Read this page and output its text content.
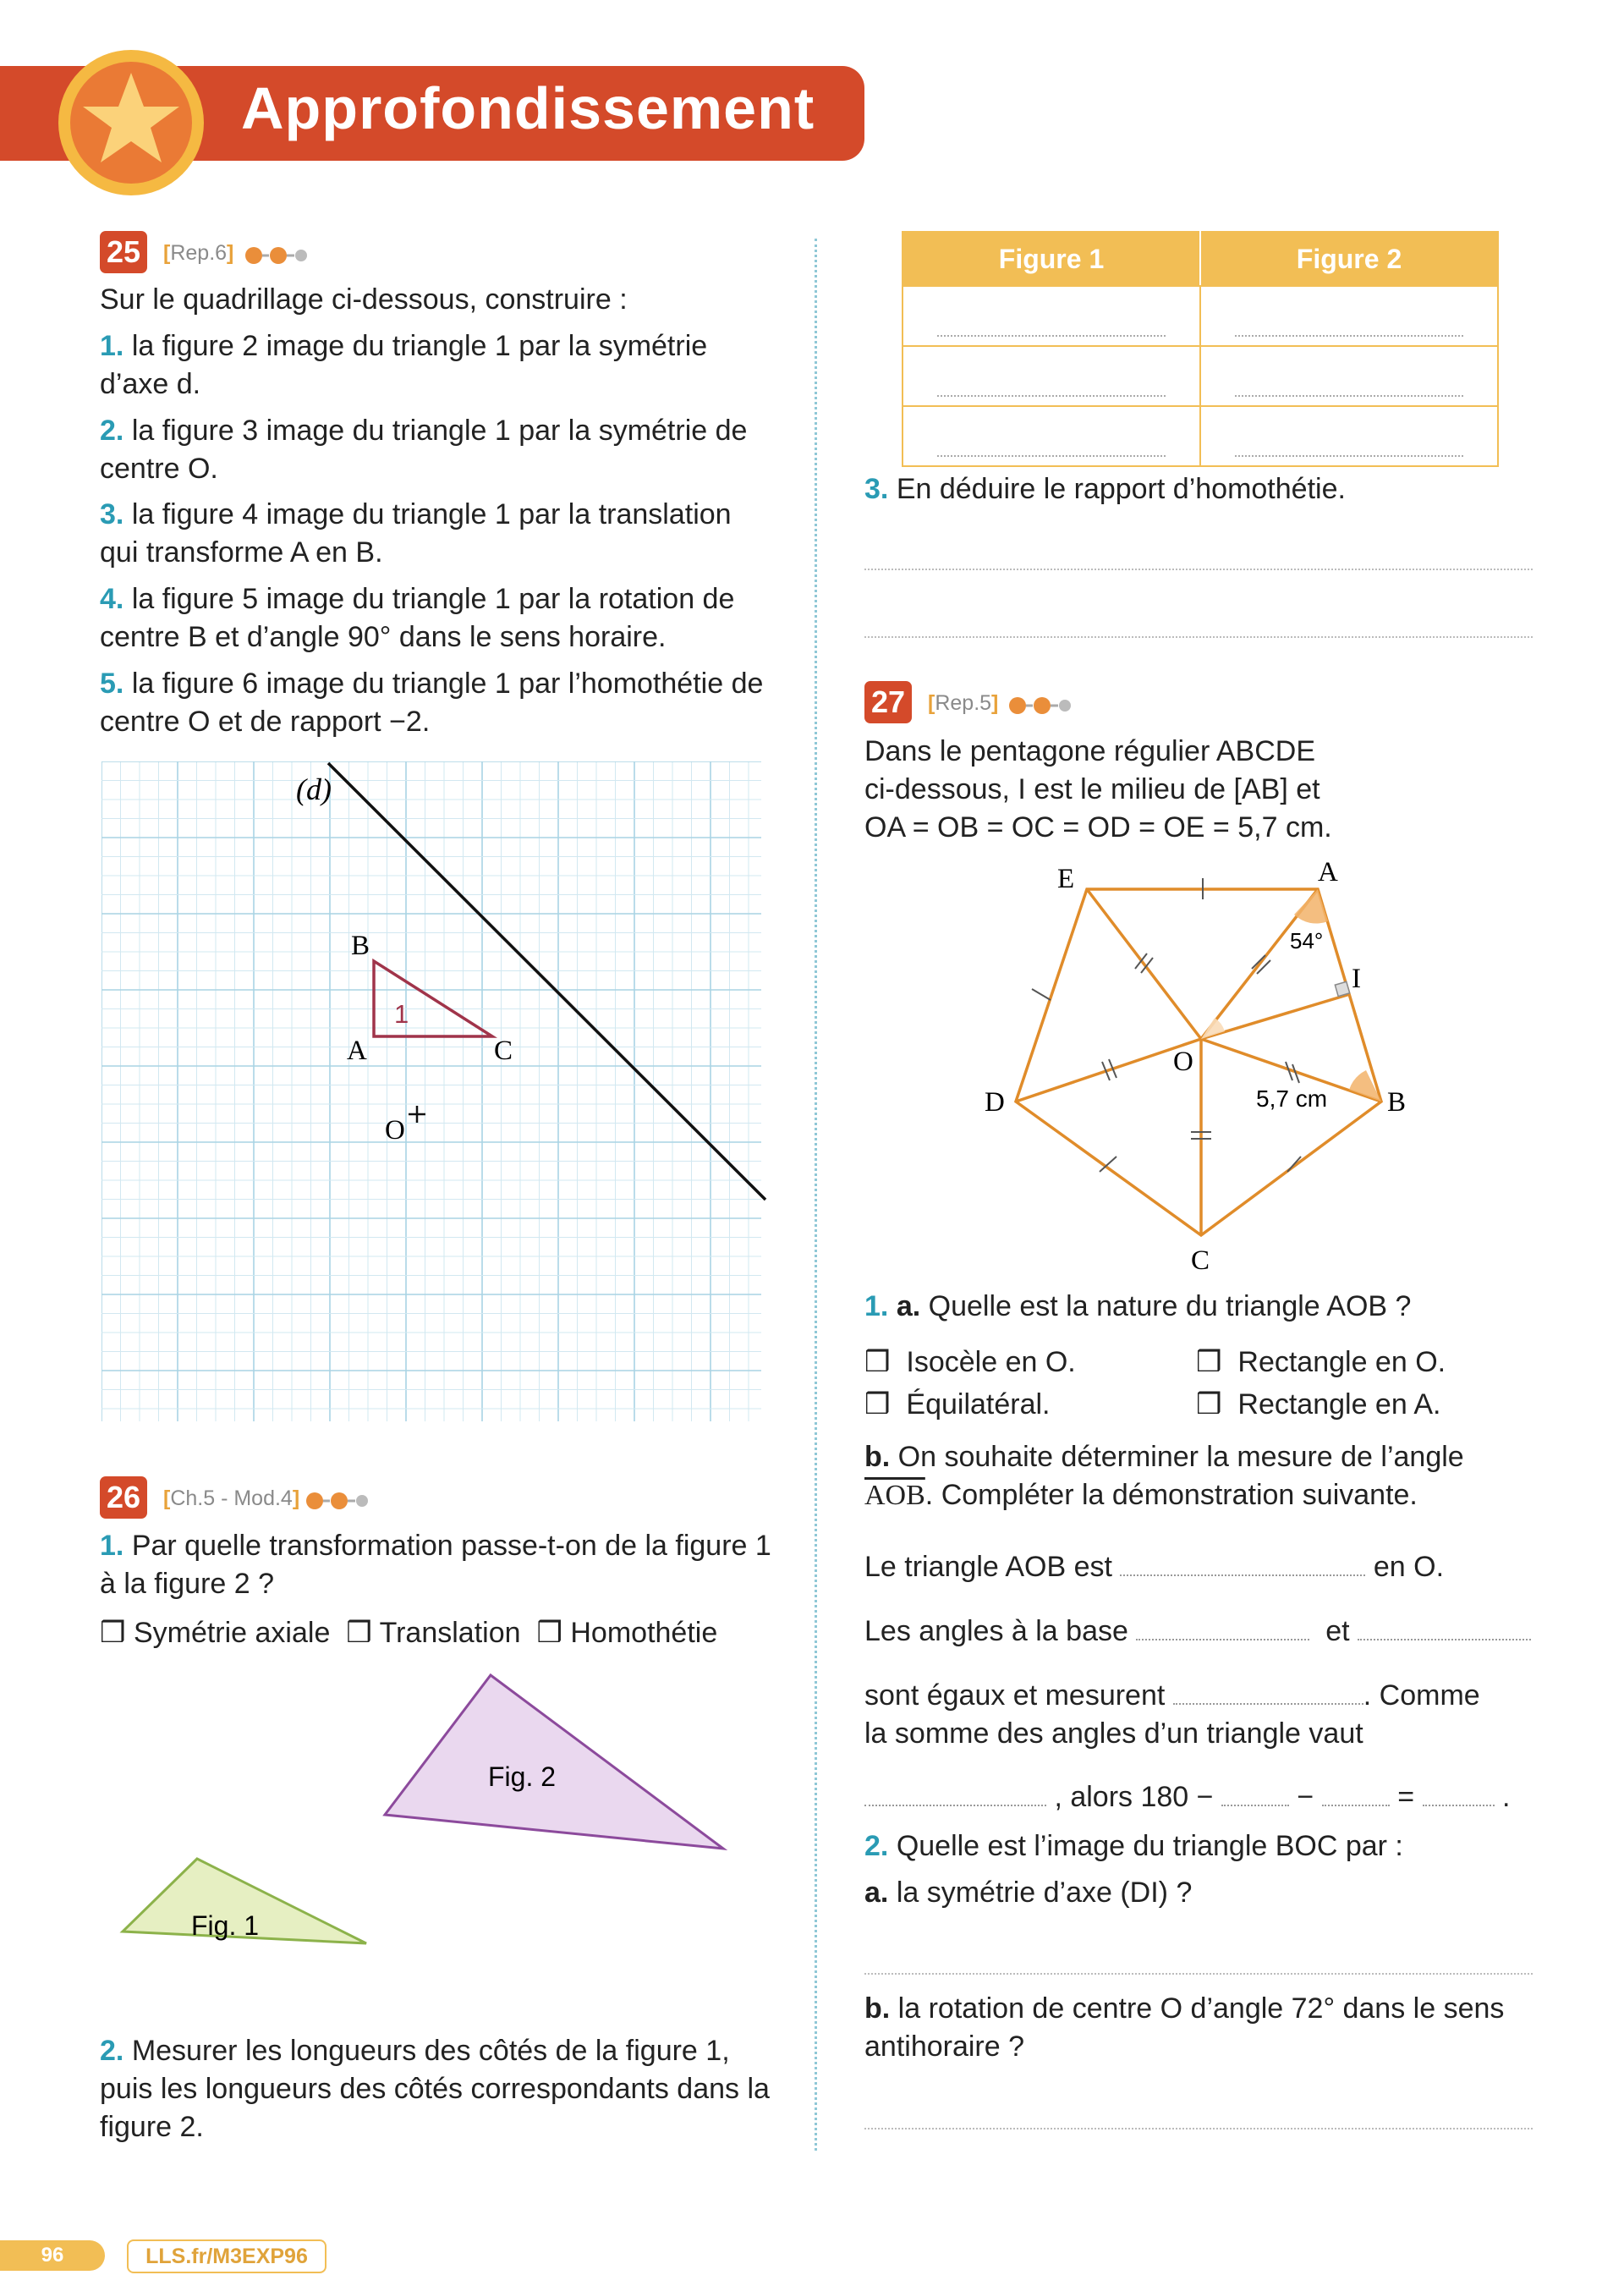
Approfondissement
25	[Rep.6]
Sur le quadrillage ci-dessous, construire :
1. la figure 2 image du triangle 1 par la symétrie d’axe d.
2. la figure 3 image du triangle 1 par la symétrie de centre O.
3. la figure 4 image du triangle 1 par la translation qui transforme A en B.
4. la figure 5 image du triangle 1 par la rotation de centre B et d’angle 90° dans le sens horaire.
5. la figure 6 image du triangle 1 par l’homothétie de centre O et de rapport −2.
(d)
B
A	C
O
1
26	[Ch.5 - Mod.4]
1. Par quelle transformation passe-t-on de la figure 1 à la figure 2 ?
❒ Symétrie axiale ❒ Translation ❒ Homothétie
Fig. 2
Fig. 1
2. Mesurer les longueurs des côtés de la figure 1, puis les longueurs des côtés correspondants dans la figure 2.
Figure 1	Figure 2

3. En déduire le rapport d’homothétie.
27	[Rep.5]
Dans le pentagone régulier ABCDE
ci-dessous, I est le milieu de [AB] et
OA = OB = OC = OD = OE = 5,7 cm.
E	A
I
B
C
D
O
54°
5,7 cm
1. a. Quelle est la nature du triangle AOB ?
❒ Isocèle en O.	❒ Rectangle en O.
❒ Équilatéral.	❒ Rectangle en A.
b. On souhaite déterminer la mesure de l’angle
$\overline{AOB}$. Compléter la démonstration suivante.
Le triangle AOB est	en O.
Les angles à la base	et
sont égaux et mesurent	. Comme
la somme des angles d’un triangle vaut
, alors 180 −	−	=	.
2. Quelle est l’image du triangle BOC par :
a. la symétrie d’axe (DI) ?
b. la rotation de centre O d’angle 72° dans le sens antihoraire ?
96	LLS.fr/M3EXP96
